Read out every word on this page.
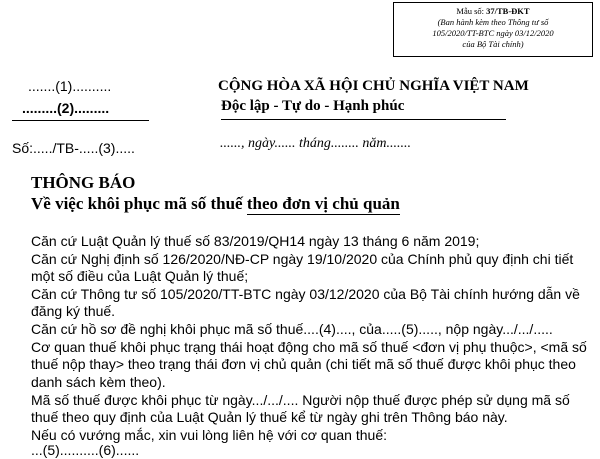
Mẫu số: 37/TB-ĐKT
(Ban hành kèm theo Thông tư số
105/2020/TT-BTC ngày 03/12/2020
của Bộ Tài chính)
.......(1)..........
.........(2).........
Số:...../TB-.....(3).....
CỘNG HÒA XÃ HỘI CHỦ NGHĨA VIỆT NAM
Độc lập - Tự do - Hạnh phúc
......, ngày...... tháng........ năm.......
THÔNG BÁO
Về việc khôi phục mã số thuế theo đơn vị chủ quản
Căn cứ Luật Quản lý thuế số 83/2019/QH14 ngày 13 tháng 6 năm 2019;
Căn cứ Nghị định số 126/2020/NĐ-CP ngày 19/10/2020 của Chính phủ quy định chi tiết
một số điều của Luật Quản lý thuế;
Căn cứ Thông tư số 105/2020/TT-BTC ngày 03/12/2020 của Bộ Tài chính hướng dẫn về
đăng ký thuế.
Căn cứ hồ sơ đề nghị khôi phục mã số thuế....(4)...., của.....(5)....., nộp ngày.../.../.....
Cơ quan thuế khôi phục trạng thái hoạt động cho mã số thuế <đơn vị phụ thuộc>, <mã số
thuế nộp thay> theo trạng thái đơn vị chủ quản (chi tiết mã số thuế được khôi phục theo
danh sách kèm theo).
Mã số thuế được khôi phục từ ngày.../.../.... Người nộp thuế được phép sử dụng mã số
thuế theo quy định của Luật Quản lý thuế kể từ ngày ghi trên Thông báo này.
Nếu có vướng mắc, xin vui lòng liên hệ với cơ quan thuế:
...(5)..........(6)......
